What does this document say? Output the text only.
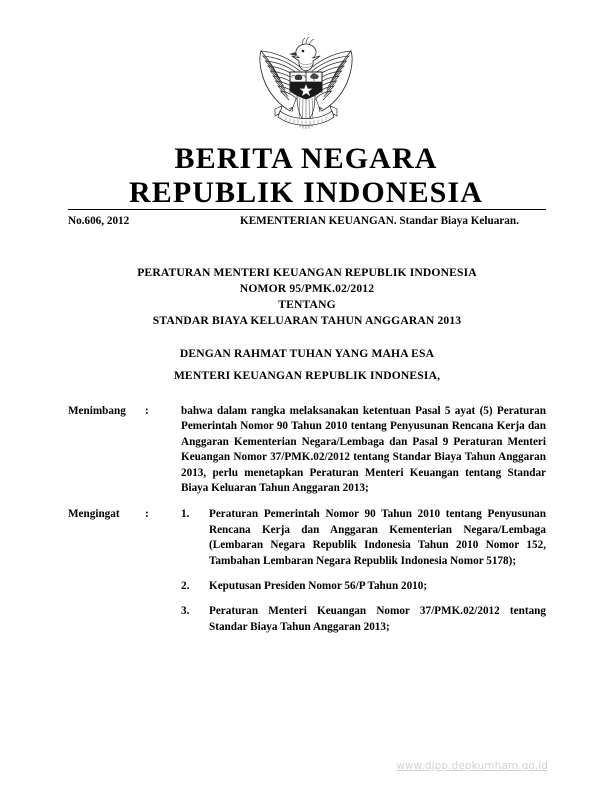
BERITA NEGARA
REPUBLIK INDONESIA
No.606, 2012	KEMENTERIAN KEUANGAN. Standar Biaya Keluaran.
PERATURAN MENTERI KEUANGAN REPUBLIK INDONESIA
NOMOR 95/PMK.02/2012
TENTANG
STANDAR BIAYA KELUARAN TAHUN ANGGARAN 2013
DENGAN RAHMAT TUHAN YANG MAHA ESA
MENTERI KEUANGAN REPUBLIK INDONESIA,
Menimbang	:	bahwa dalam rangka melaksanakan ketentuan Pasal 5 ayat (5) Peraturan Pemerintah Nomor 90 Tahun 2010 tentang Penyusunan Rencana Kerja dan Anggaran Kementerian Negara/Lembaga dan Pasal 9 Peraturan Menteri Keuangan Nomor 37/PMK.02/2012 tentang Standar Biaya Tahun Anggaran 2013, perlu menetapkan Peraturan Menteri Keuangan tentang Standar Biaya Keluaran Tahun Anggaran 2013;
Mengingat	:	1.	Peraturan Pemerintah Nomor 90 Tahun 2010 tentang Penyusunan Rencana Kerja dan Anggaran Kementerian Negara/Lembaga (Lembaran Negara Republik Indonesia Tahun 2010 Nomor 152, Tambahan Lembaran Negara Republik Indonesia Nomor 5178);
2.	Keputusan Presiden Nomor 56/P Tahun 2010;
3.	Peraturan Menteri Keuangan Nomor 37/PMK.02/2012 tentang Standar Biaya Tahun Anggaran 2013;
www.djpp.depkumham.go.id
